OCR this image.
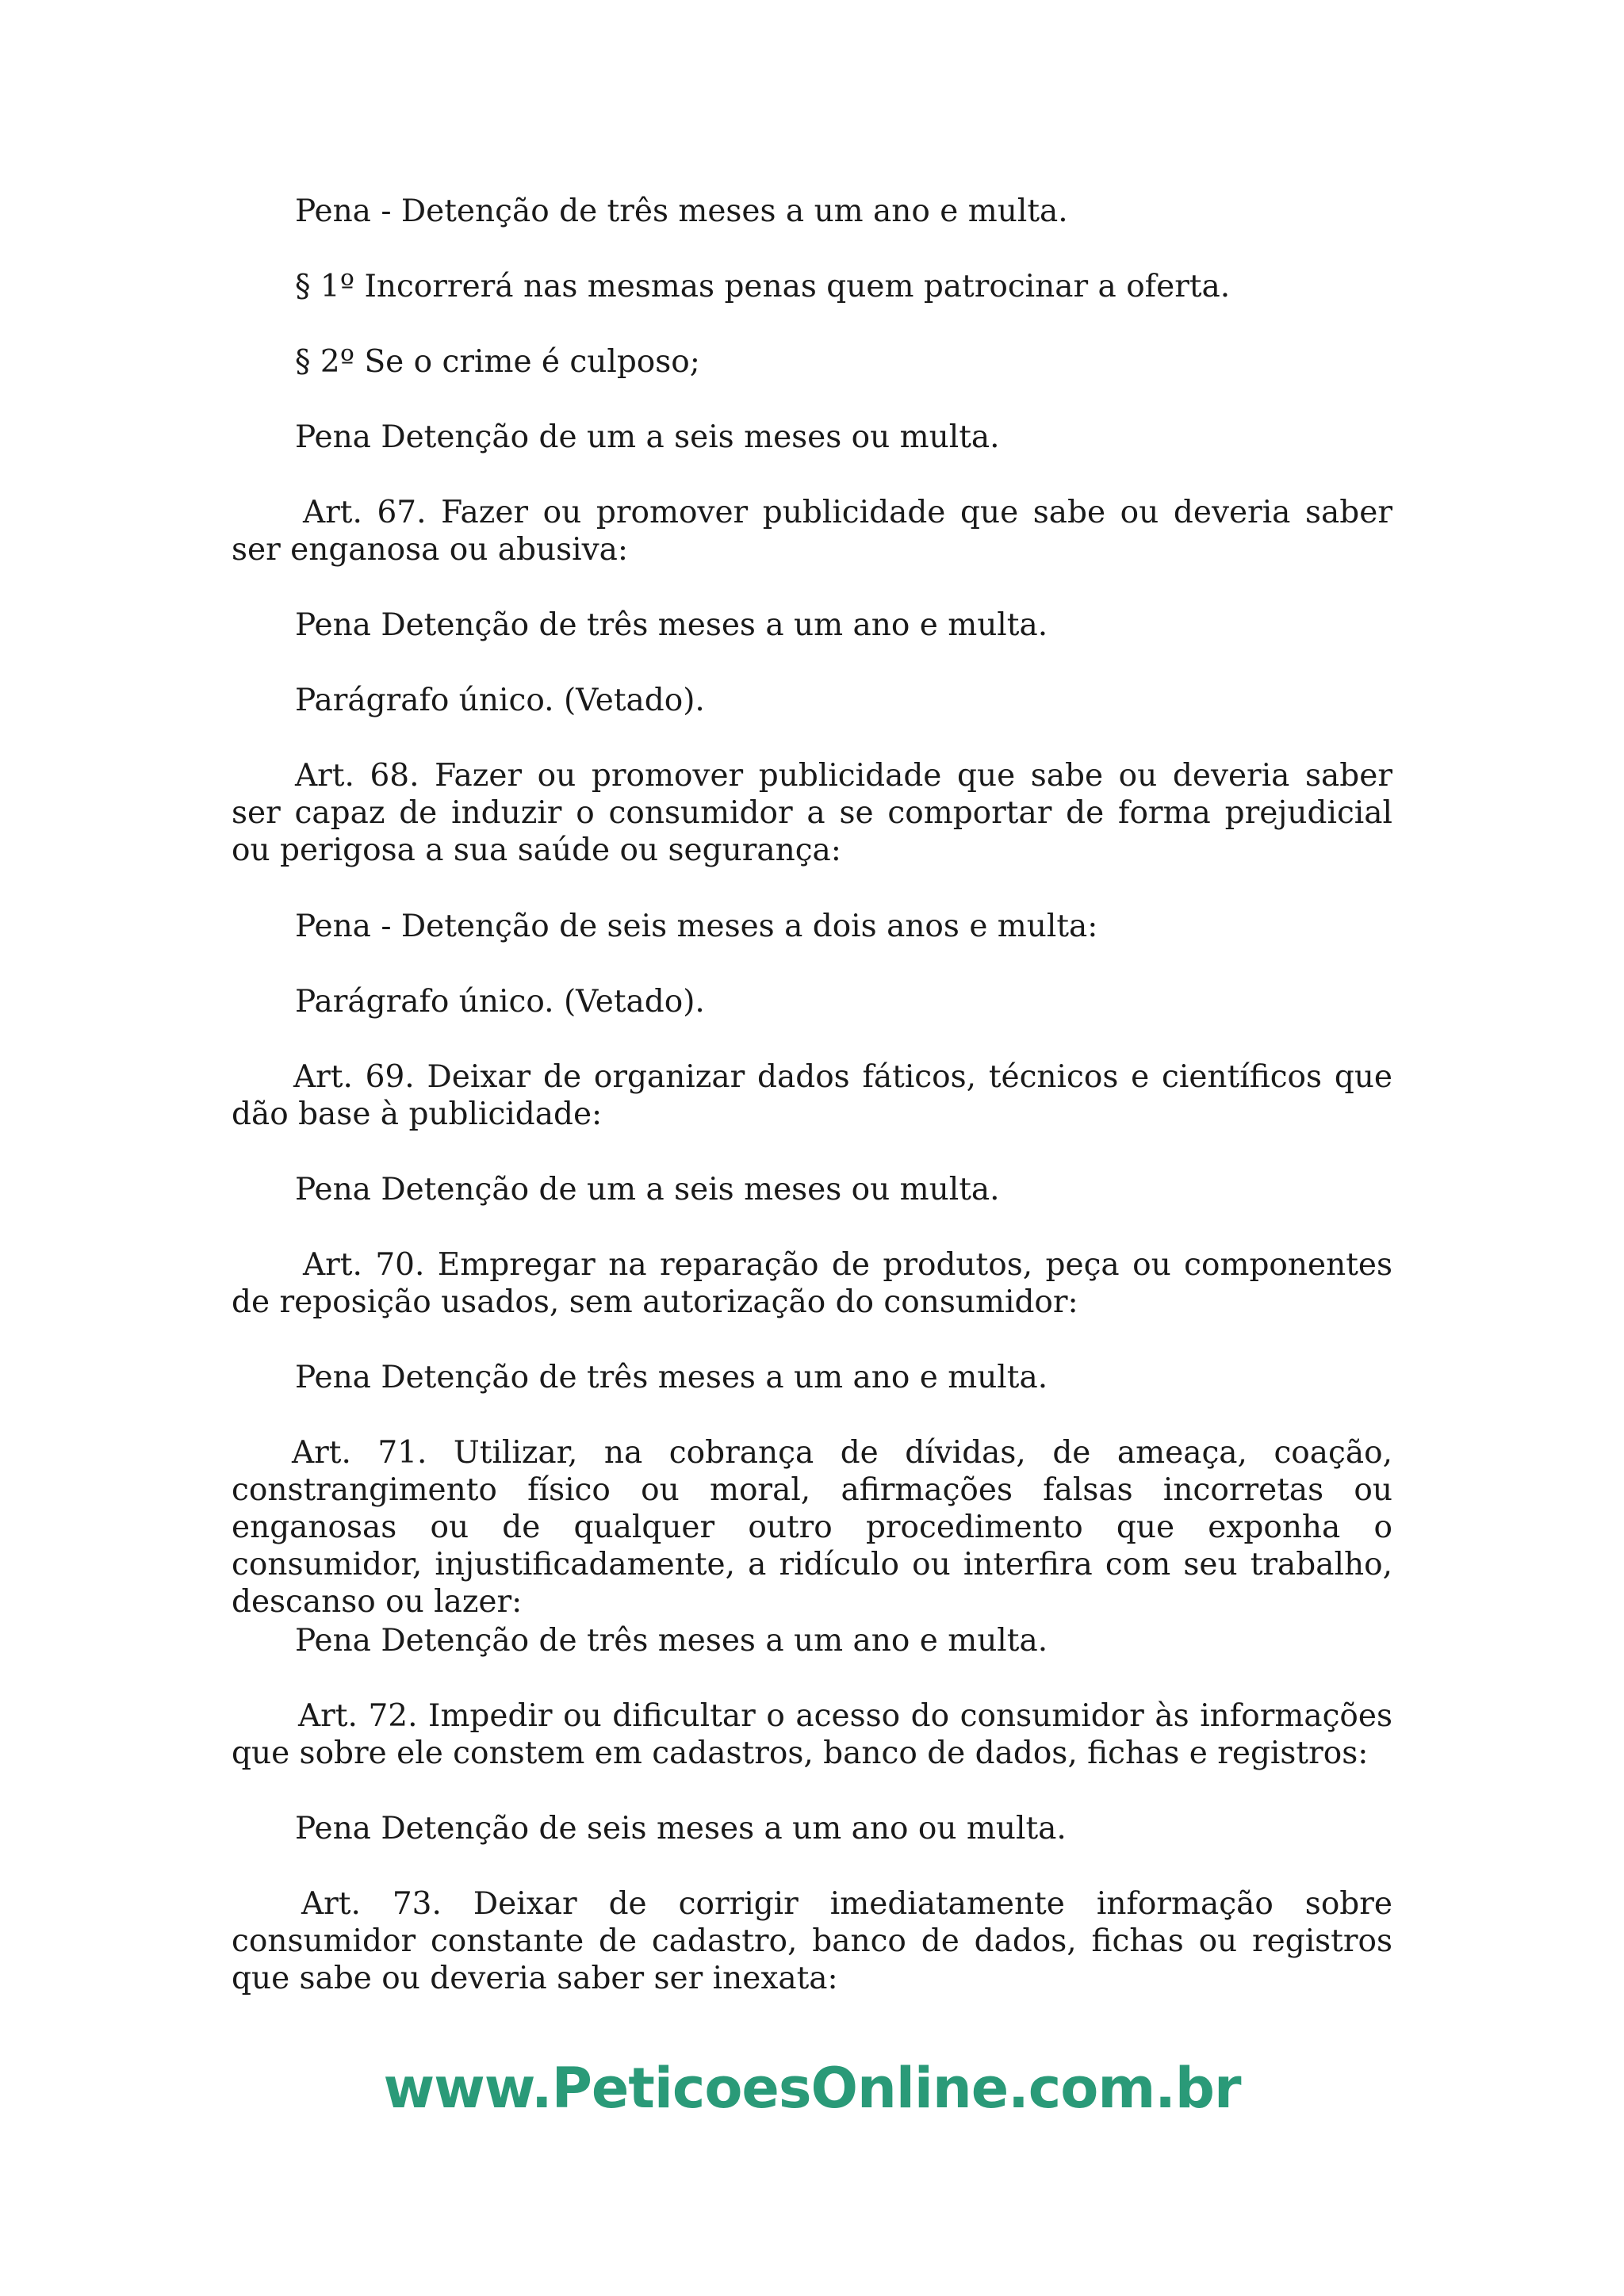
Pena - Detenção de três meses a um ano e multa.

§ 1º Incorrerá nas mesmas penas quem patrocinar a oferta.

§ 2º Se o crime é culposo;

Pena Detenção de um a seis meses ou multa.

Art. 67. Fazer ou promover publicidade que sabe ou deveria saber ser enganosa ou abusiva:

Pena Detenção de três meses a um ano e multa.

Parágrafo único. (Vetado).

Art. 68. Fazer ou promover publicidade que sabe ou deveria saber ser capaz de induzir o consumidor a se comportar de forma prejudicial ou perigosa a sua saúde ou segurança:

Pena - Detenção de seis meses a dois anos e multa:

Parágrafo único. (Vetado).

Art. 69. Deixar de organizar dados fáticos, técnicos e científicos que dão base à publicidade:

Pena Detenção de um a seis meses ou multa.

Art. 70. Empregar na reparação de produtos, peça ou componentes de reposição usados, sem autorização do consumidor:

Pena Detenção de três meses a um ano e multa.

Art. 71. Utilizar, na cobrança de dívidas, de ameaça, coação, constrangimento físico ou moral, afirmações falsas incorretas ou enganosas ou de qualquer outro procedimento que exponha o consumidor, injustificadamente, a ridículo ou interfira com seu trabalho, descanso ou lazer:

Pena Detenção de três meses a um ano e multa.

Art. 72. Impedir ou dificultar o acesso do consumidor às informações que sobre ele constem em cadastros, banco de dados, fichas e registros:

Pena Detenção de seis meses a um ano ou multa.

Art. 73. Deixar de corrigir imediatamente informação sobre consumidor constante de cadastro, banco de dados, fichas ou registros que sabe ou deveria saber ser inexata:

www.PeticoesOnline.com.br
